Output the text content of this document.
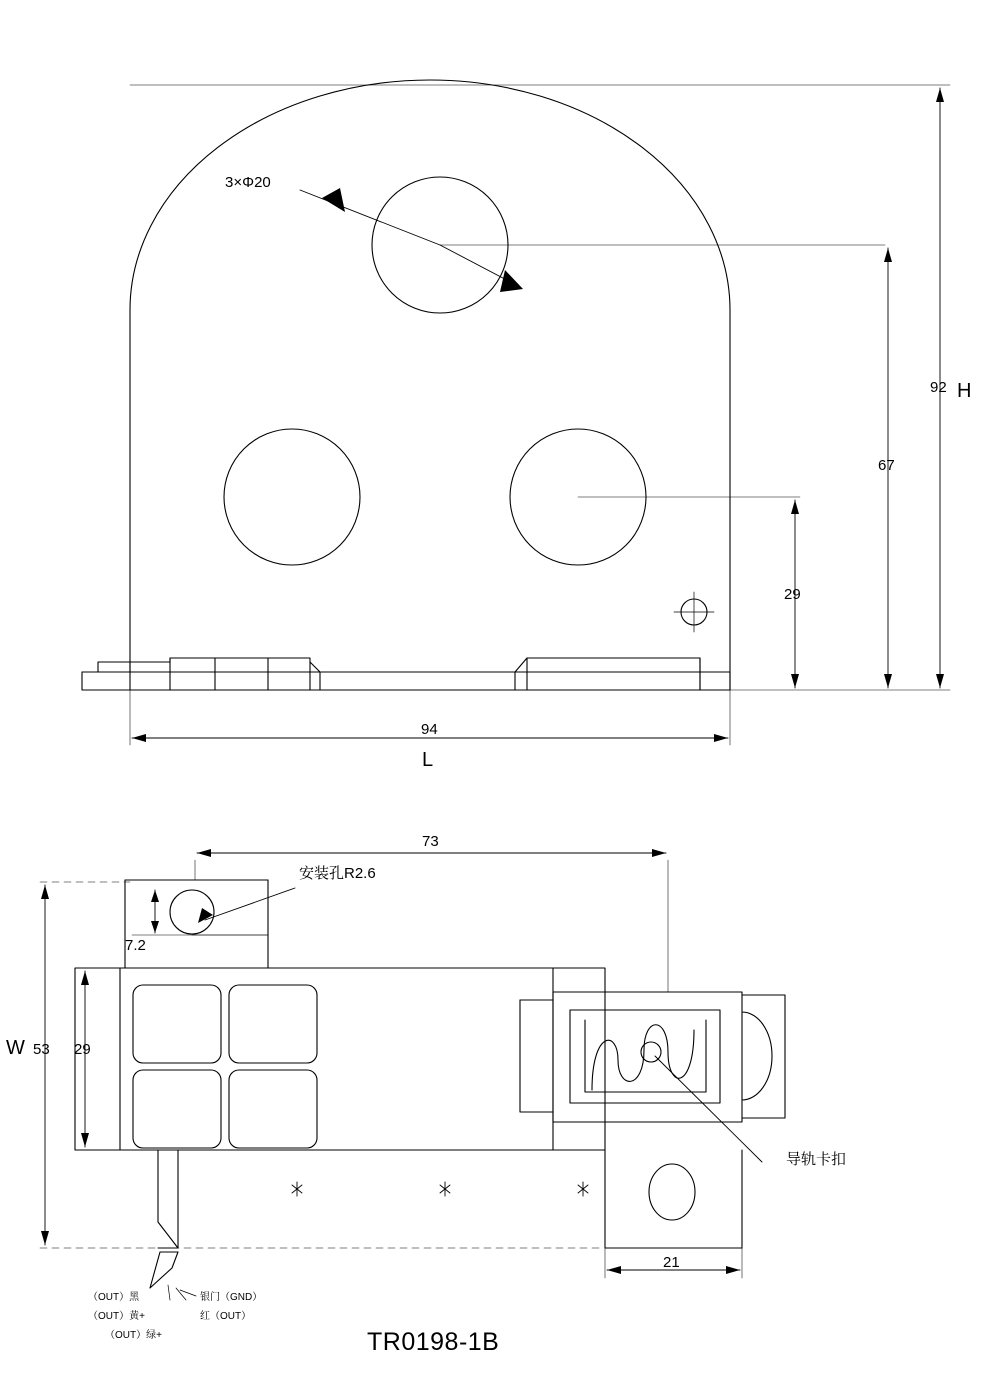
3×Φ20
92 H
67
29
94
L
73
安装孔R2.6
7.2
W 53 29
21
导轨卡扣
（OUT）黑
（OUT）黄+
（OUT）绿+
银门（GND）
红（OUT）
TR0198-1B
